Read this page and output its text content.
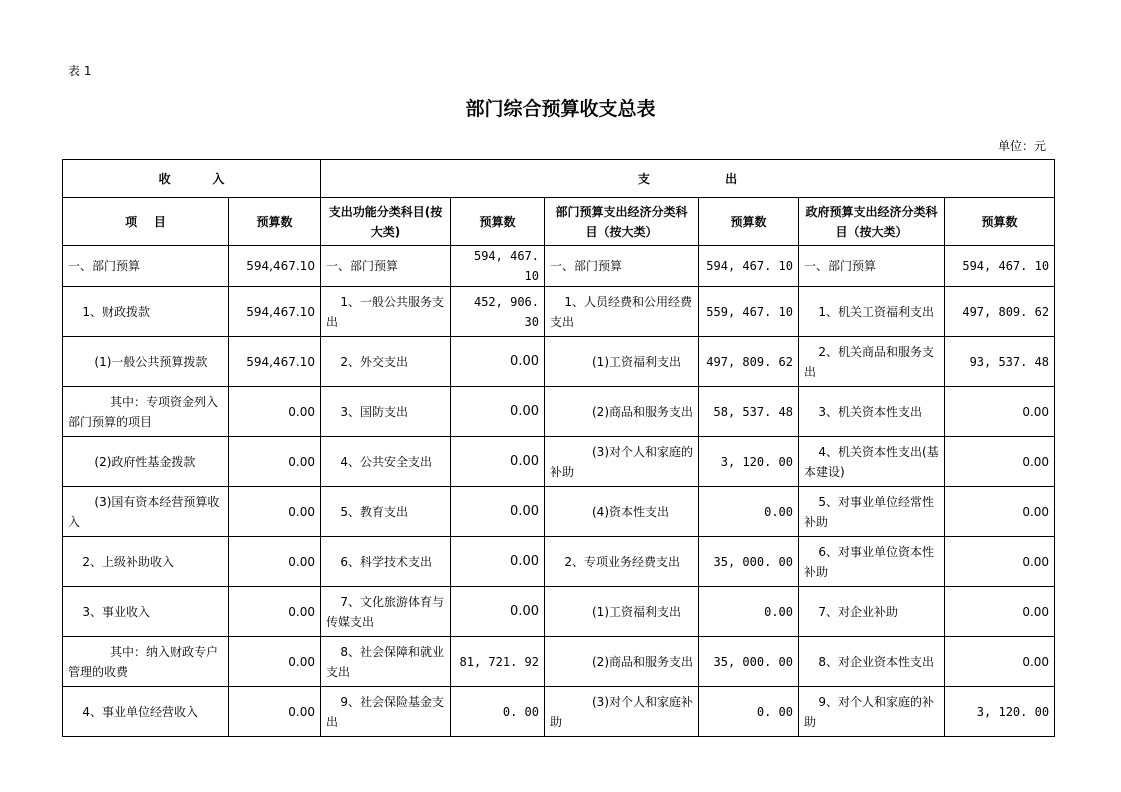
表 1
部门综合预算收支总表
单位：元
收          入		支                  出					
项    目	预算数	支出功能分类科目(按大类)	预算数	部门预算支出经济分类科目（按大类）	预算数	政府预算支出经济分类科目（按大类）	预算数
一、部门预算	594,467.10	一、部门预算	594, 467. 10	一、部门预算	594, 467. 10	一、部门预算	594, 467. 10
1、财政拨款	594,467.10	1、一般公共服务支出	452, 906. 30	1、人员经费和公用经费支出	559, 467. 10	1、机关工资福利支出	497, 809. 62
(1)一般公共预算拨款	594,467.10	2、外交支出	0.00	(1)工资福利支出	497, 809. 62	2、机关商品和服务支出	93, 537. 48
其中：专项资金列入部门预算的项目	0.00	3、国防支出	0.00	(2)商品和服务支出	58, 537. 48	3、机关资本性支出	0.00
(2)政府性基金拨款	0.00	4、公共安全支出	0.00	(3)对个人和家庭的补助	3, 120. 00	4、机关资本性支出(基本建设)	0.00
(3)国有资本经营预算收入	0.00	5、教育支出	0.00	(4)资本性支出	0.00	5、对事业单位经常性补助	0.00
2、上级补助收入	0.00	6、科学技术支出	0.00	2、专项业务经费支出	35, 000. 00	6、对事业单位资本性补助	0.00
3、事业收入	0.00	7、文化旅游体育与传媒支出	0.00	(1)工资福利支出	0.00	7、对企业补助	0.00
其中：纳入财政专户管理的收费	0.00	8、社会保障和就业支出	81, 721. 92	(2)商品和服务支出	35, 000. 00	8、对企业资本性支出	0.00
4、事业单位经营收入	0.00	9、社会保险基金支出	0. 00	(3)对个人和家庭补助	0. 00	9、对个人和家庭的补助	3, 120. 00
